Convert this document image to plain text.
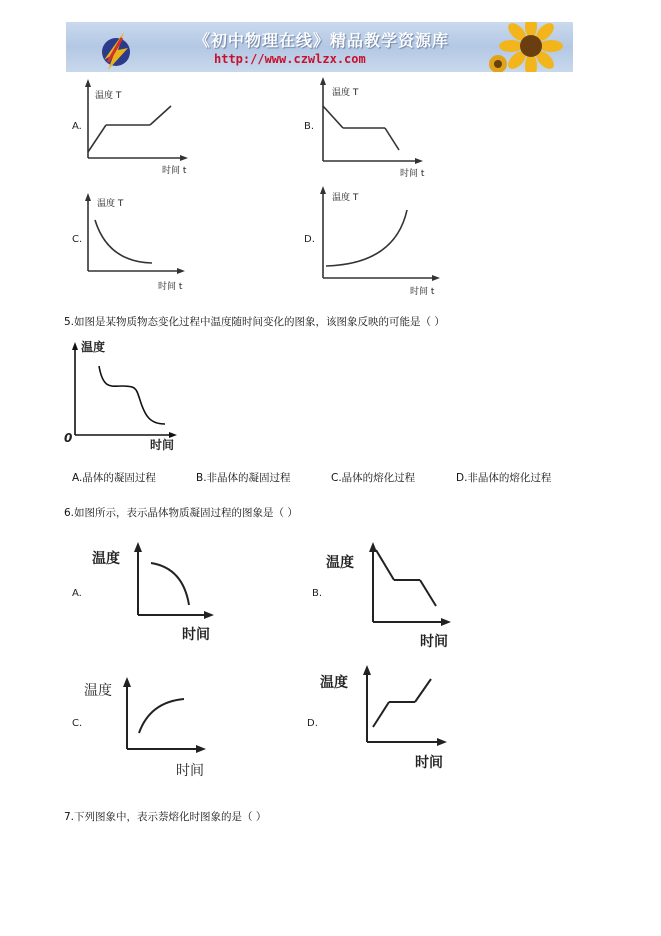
《初中物理在线》精品教学资源库
http://www.czwlzx.com
A.
温度 T
时间 t
B.
温度 T
时间 t
C.
温度 T
时间 t
D.
温度 T
时间 t
5.如图是某物质物态变化过程中温度随时间变化的图象，该图象反映的可能是（ ）
温度
时间
0
A.晶体的凝固过程	B.非晶体的凝固过程	C.晶体的熔化过程	D.非晶体的熔化过程
6.如图所示，表示晶体物质凝固过程的图象是（ ）
A.
温度
时间
B.
温度
时间
C.
温度
时间
D.
温度
时间
7.下列图象中，表示萘熔化时图象的是（ ）
